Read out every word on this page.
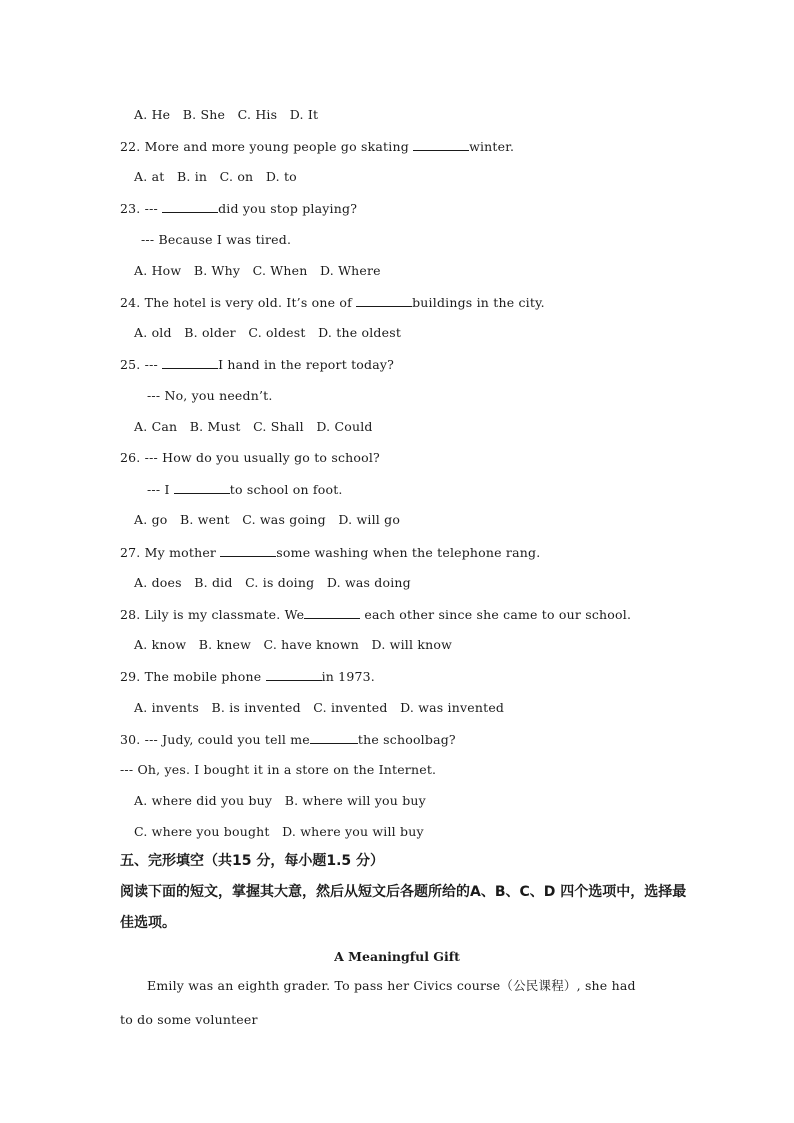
A. He   B. She   C. His   D. It
22. More and more young people go skating	winter.
A. at   B. in   C. on   D. to
23. ---	did you stop playing?
--- Because I was tired.
A. How   B. Why   C. When   D. Where
24. The hotel is very old. It’s one of	buildings in the city.
A. old   B. older   C. oldest   D. the oldest
25. ---	I hand in the report today?
--- No, you needn’t.
A. Can   B. Must   C. Shall   D. Could
26. --- How do you usually go to school?
--- I	to school on foot.
A. go   B. went   C. was going   D. will go
27. My mother	some washing when the telephone rang.
A. does   B. did   C. is doing   D. was doing
28. Lily is my classmate. We	each other since she came to our school.
A. know   B. knew   C. have known   D. will know
29. The mobile phone	in 1973.
A. invents   B. is invented   C. invented   D. was invented
30. --- Judy, could you tell me	the schoolbag?
--- Oh, yes. I bought it in a store on the Internet.
A. where did you buy   B. where will you buy
C. where you bought   D. where you will buy
五、完形填空（共15 分，每小题1.5 分）
阅读下面的短文，掌握其大意，然后从短文后各题所给的A、B、C、D 四个选项中，选择最
佳选项。
A Meaningful Gift
Emily was an eighth grader. To pass her Civics course（公民课程）, she had
to do some volunteer
